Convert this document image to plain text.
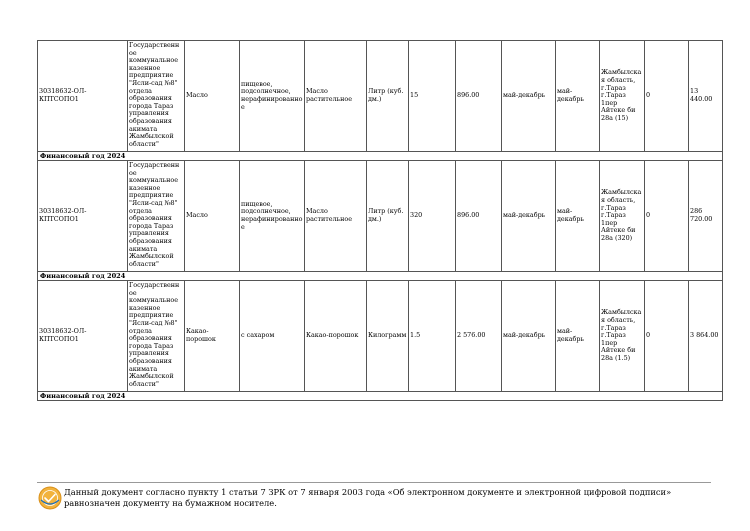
30318632-ОЛ-КПТСОПО1	Государственное коммунальное казенное предприятие "Ясли-сад №8" отдела образования города Тараз управления образования акимата Жамбылской области"	Масло	пищевое, подсолнечное, нерафинированное	Масло растительное	Литр (куб. дм.)	15	896.00	май-декабрь	май-декабрь	Жамбылская область, г.Тараз г.Тараз 1пер Айтеке би 28а (15)	0	13 440.00
Финансовый год 2024												
30318632-ОЛ-КПТСОПО1	Государственное коммунальное казенное предприятие "Ясли-сад №8" отдела образования города Тараз управления образования акимата Жамбылской области"	Масло	пищевое, подсолнечное, нерафинированное	Масло растительное	Литр (куб. дм.)	320	896.00	май-декабрь	май-декабрь	Жамбылская область, г.Тараз г.Тараз 1пер Айтеке би 28а (320)	0	286 720.00
Финансовый год 2024												
30318632-ОЛ-КПТСОПО1	Государственное коммунальное казенное предприятие "Ясли-сад №8" отдела образования города Тараз управления образования акимата Жамбылской области"	Какао-порошок	с сахаром	Какао-порошок	Килограмм	1.5	2 576.00	май-декабрь	май-декабрь	Жамбылская область, г.Тараз г.Тараз 1пер Айтеке би 28а (1.5)	0	3 864.00
Финансовый год 2024												
Данный документ согласно пункту 1 статьи 7 ЗРК от 7 января 2003 года «Об электронном документе и электронной цифровой подписи» равнозначен документу на бумажном носителе.
